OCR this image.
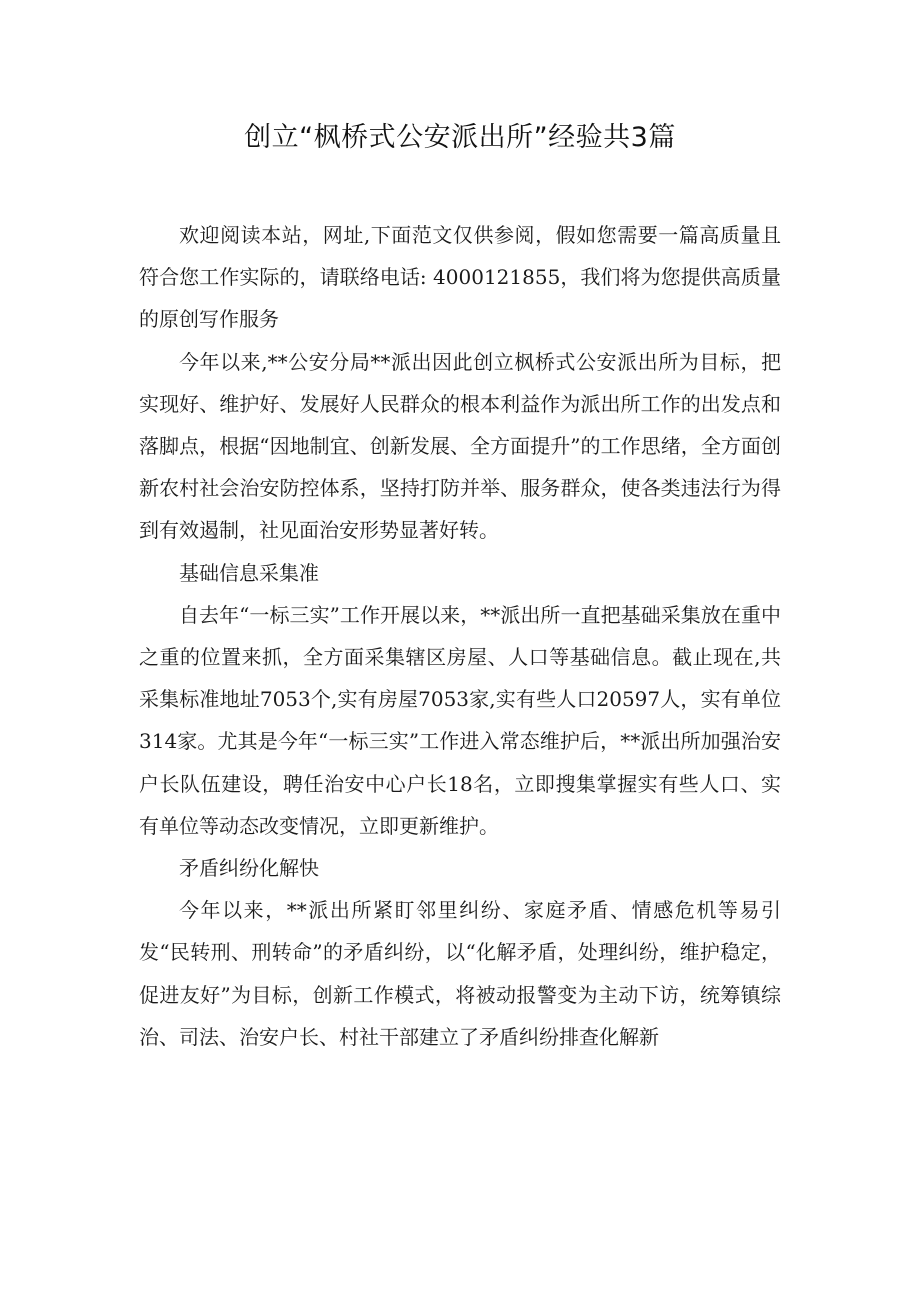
创立“枫桥式公安派出所”经验共3篇

欢迎阅读本站，网址,下面范文仅供参阅，假如您需要一篇高质量且符合您工作实际的，请联络电话: 4000121855，我们将为您提供高质量的原创写作服务

今年以来,**公安分局**派出因此创立枫桥式公安派出所为目标，把实现好、维护好、发展好人民群众的根本利益作为派出所工作的出发点和落脚点，根据“因地制宜、创新发展、全方面提升”的工作思绪，全方面创新农村社会治安防控体系，坚持打防并举、服务群众，使各类违法行为得到有效遏制，社见面治安形势显著好转。

基础信息采集准

自去年“一标三实”工作开展以来，**派出所一直把基础采集放在重中之重的位置来抓，全方面采集辖区房屋、人口等基础信息。截止现在,共采集标准地址7053个,实有房屋7053家,实有些人口20597人，实有单位314家。尤其是今年“一标三实”工作进入常态维护后，**派出所加强治安户长队伍建设，聘任治安中心户长18名，立即搜集掌握实有些人口、实有单位等动态改变情况，立即更新维护。

矛盾纠纷化解快

今年以来，**派出所紧盯邻里纠纷、家庭矛盾、情感危机等易引发“民转刑、刑转命”的矛盾纠纷，以“化解矛盾，处理纠纷，维护稳定，促进友好”为目标，创新工作模式，将被动报警变为主动下访，统筹镇综治、司法、治安户长、村社干部建立了矛盾纠纷排查化解新
